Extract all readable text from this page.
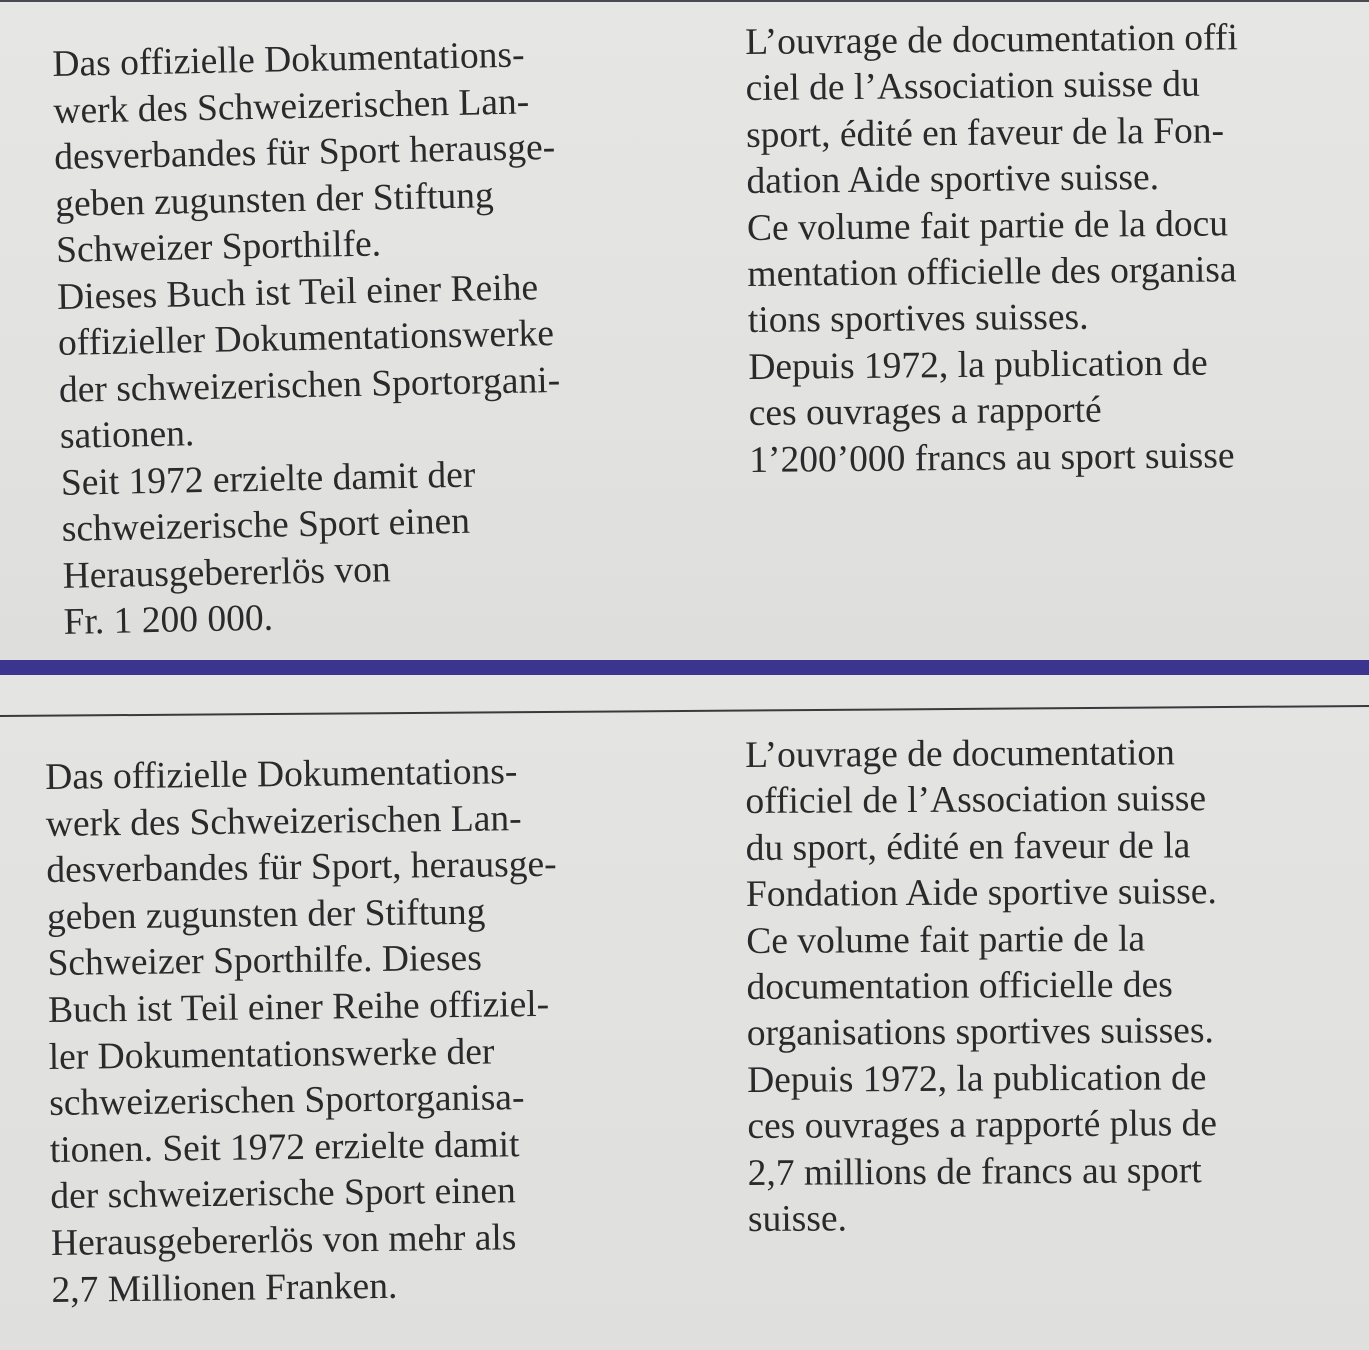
Das offizielle Dokumentations-
werk des Schweizerischen Lan-
desverbandes für Sport herausge-
geben zugunsten der Stiftung
Schweizer Sporthilfe.
Dieses Buch ist Teil einer Reihe
offizieller Dokumentationswerke
der schweizerischen Sportorgani-
sationen.
Seit 1972 erzielte damit der
schweizerische Sport einen
Herausgebererlös von
Fr. 1 200 000.
L’ouvrage de documentation offi
ciel de l’Association suisse du
sport, édité en faveur de la Fon-
dation Aide sportive suisse.
Ce volume fait partie de la docu
mentation officielle des organisa
tions sportives suisses.
Depuis 1972, la publication de
ces ouvrages a rapporté
1’200’000 francs au sport suisse
Das offizielle Dokumentations-
werk des Schweizerischen Lan-
desverbandes für Sport, herausge-
geben zugunsten der Stiftung
Schweizer Sporthilfe. Dieses
Buch ist Teil einer Reihe offiziel-
ler Dokumentationswerke der
schweizerischen Sportorganisa-
tionen. Seit 1972 erzielte damit
der schweizerische Sport einen
Herausgebererlös von mehr als
2,7 Millionen Franken.
L’ouvrage de documentation
officiel de l’Association suisse
du sport, édité en faveur de la
Fondation Aide sportive suisse.
Ce volume fait partie de la
documentation officielle des
organisations sportives suisses.
Depuis 1972, la publication de
ces ouvrages a rapporté plus de
2,7 millions de francs au sport
suisse.
